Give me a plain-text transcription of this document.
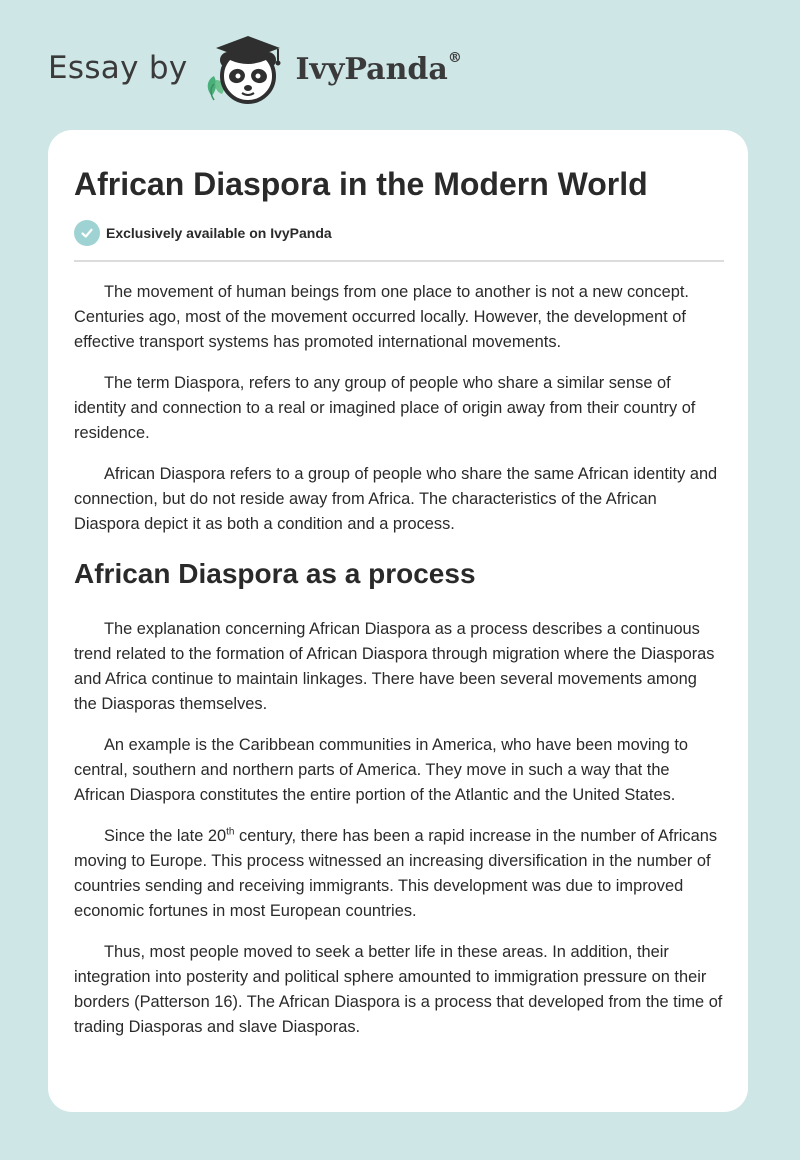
Essay by	IvyPanda®
African Diaspora in the Modern World
Exclusively available on IvyPanda

The movement of human beings from one place to another is not a new concept. Centuries ago, most of the movement occurred locally. However, the development of effective transport systems has promoted international movements.

The term Diaspora, refers to any group of people who share a similar sense of identity and connection to a real or imagined place of origin away from their country of residence.

African Diaspora refers to a group of people who share the same African identity and connection, but do not reside away from Africa. The characteristics of the African Diaspora depict it as both a condition and a process.

African Diaspora as a process

The explanation concerning African Diaspora as a process describes a continuous trend related to the formation of African Diaspora through migration where the Diasporas and Africa continue to maintain linkages. There have been several movements among the Diasporas themselves.

An example is the Caribbean communities in America, who have been moving to central, southern and northern parts of America. They move in such a way that the African Diaspora constitutes the entire portion of the Atlantic and the United States.

Since the late 20th century, there has been a rapid increase in the number of Africans moving to Europe. This process witnessed an increasing diversification in the number of countries sending and receiving immigrants. This development was due to improved economic fortunes in most European countries.

Thus, most people moved to seek a better life in these areas. In addition, their integration into posterity and political sphere amounted to immigration pressure on their borders (Patterson 16). The African Diaspora is a process that developed from the time of trading Diasporas and slave Diasporas.
